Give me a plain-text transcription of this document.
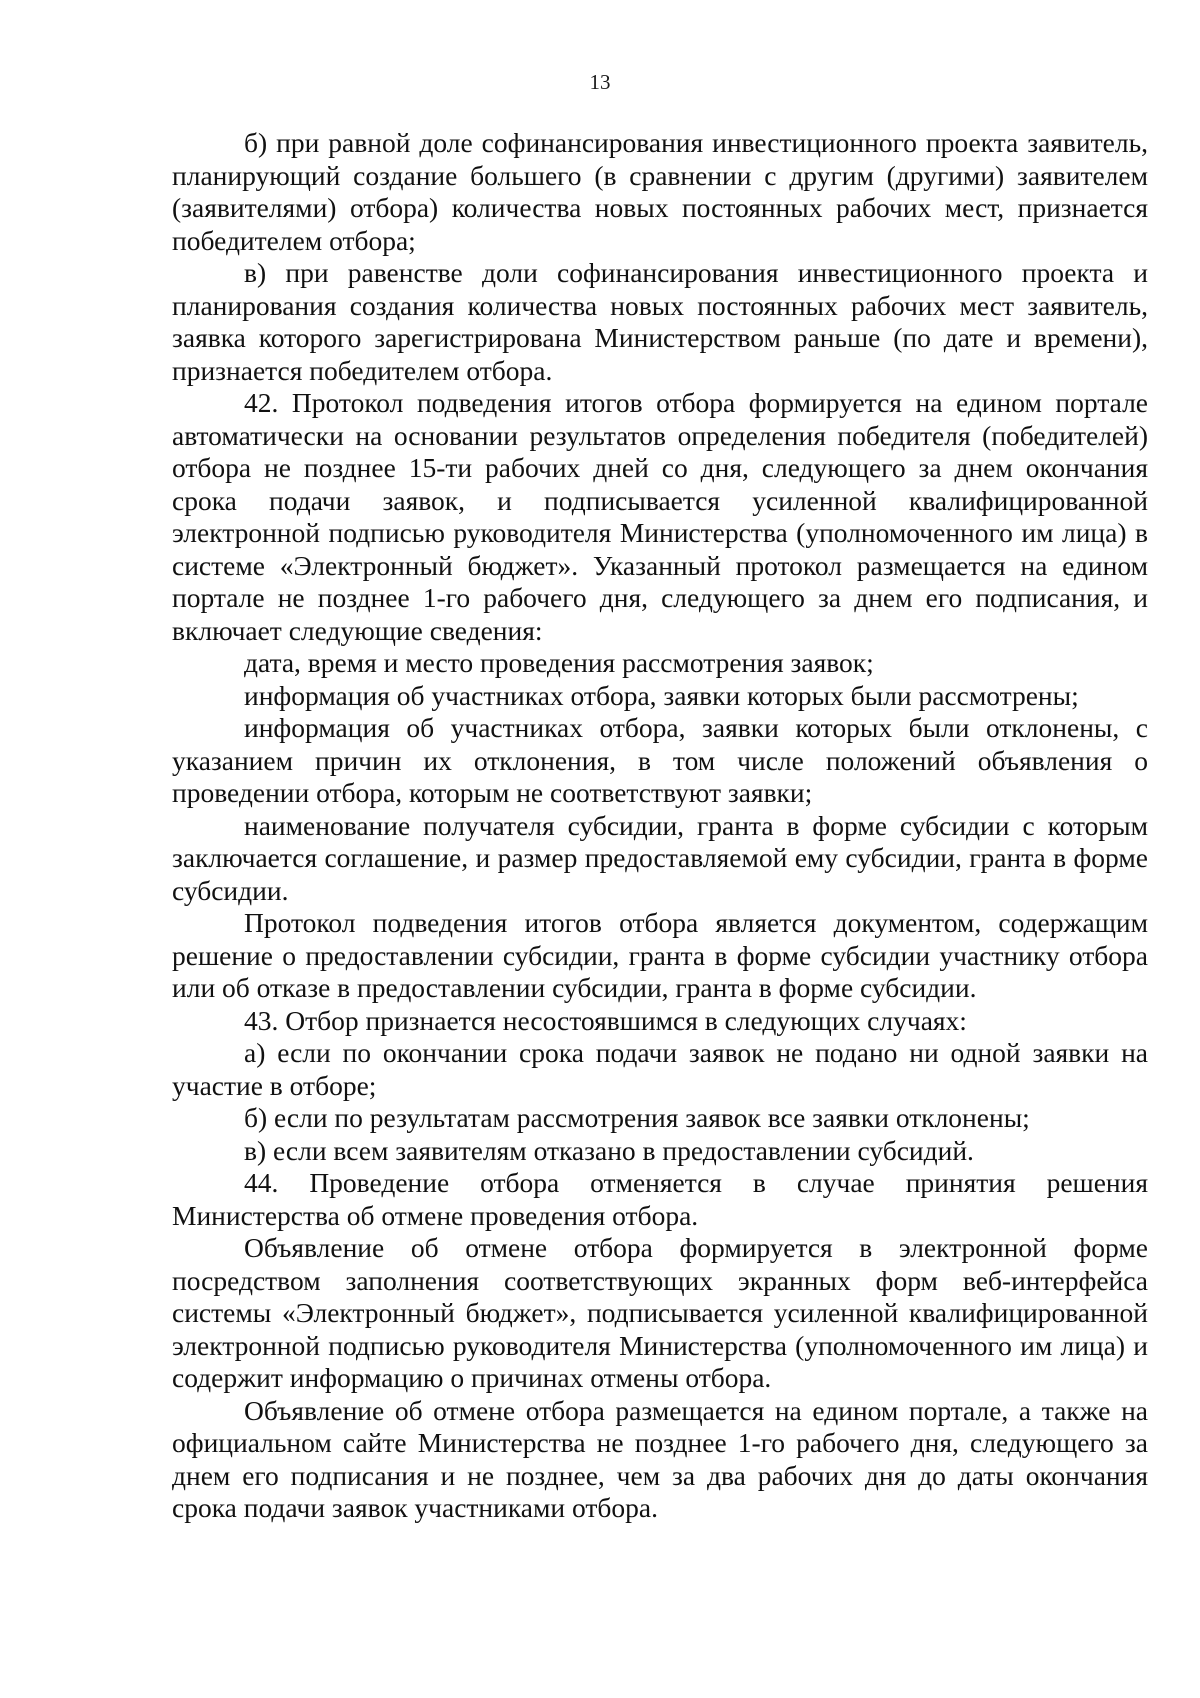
13

б) при равной доле софинансирования инвестиционного проекта заявитель, планирующий создание большего (в сравнении с другим (другими) заявителем (заявителями) отбора) количества новых постоянных рабочих мест, признается победителем отбора;

в) при равенстве доли софинансирования инвестиционного проекта и планирования создания количества новых постоянных рабочих мест заявитель, заявка которого зарегистрирована Министерством раньше (по дате и времени), признается победителем отбора.

42. Протокол подведения итогов отбора формируется на едином портале автоматически на основании результатов определения победителя (победителей) отбора не позднее 15-ти рабочих дней со дня, следующего за днем окончания срока подачи заявок, и подписывается усиленной квалифицированной электронной подписью руководителя Министерства (уполномоченного им лица) в системе «Электронный бюджет». Указанный протокол размещается на едином портале не позднее 1-го рабочего дня, следующего за днем его подписания, и включает следующие сведения:

дата, время и место проведения рассмотрения заявок;

информация об участниках отбора, заявки которых были рассмотрены;

информация об участниках отбора, заявки которых были отклонены, с указанием причин их отклонения, в том числе положений объявления о проведении отбора, которым не соответствуют заявки;

наименование получателя субсидии, гранта в форме субсидии с которым заключается соглашение, и размер предоставляемой ему субсидии, гранта в форме субсидии.

Протокол подведения итогов отбора является документом, содержащим решение о предоставлении субсидии, гранта в форме субсидии участнику отбора или об отказе в предоставлении субсидии, гранта в форме субсидии.

43. Отбор признается несостоявшимся в следующих случаях:

а) если по окончании срока подачи заявок не подано ни одной заявки на участие в отборе;

б) если по результатам рассмотрения заявок все заявки отклонены;

в) если всем заявителям отказано в предоставлении субсидий.

44. Проведение отбора отменяется в случае принятия решения Министерства об отмене проведения отбора.

Объявление об отмене отбора формируется в электронной форме посредством заполнения соответствующих экранных форм веб-интерфейса системы «Электронный бюджет», подписывается усиленной квалифицированной электронной подписью руководителя Министерства (уполномоченного им лица) и содержит информацию о причинах отмены отбора.

Объявление об отмене отбора размещается на едином портале, а также на официальном сайте Министерства не позднее 1-го рабочего дня, следующего за днем его подписания и не позднее, чем за два рабочих дня до даты окончания срока подачи заявок участниками отбора.
